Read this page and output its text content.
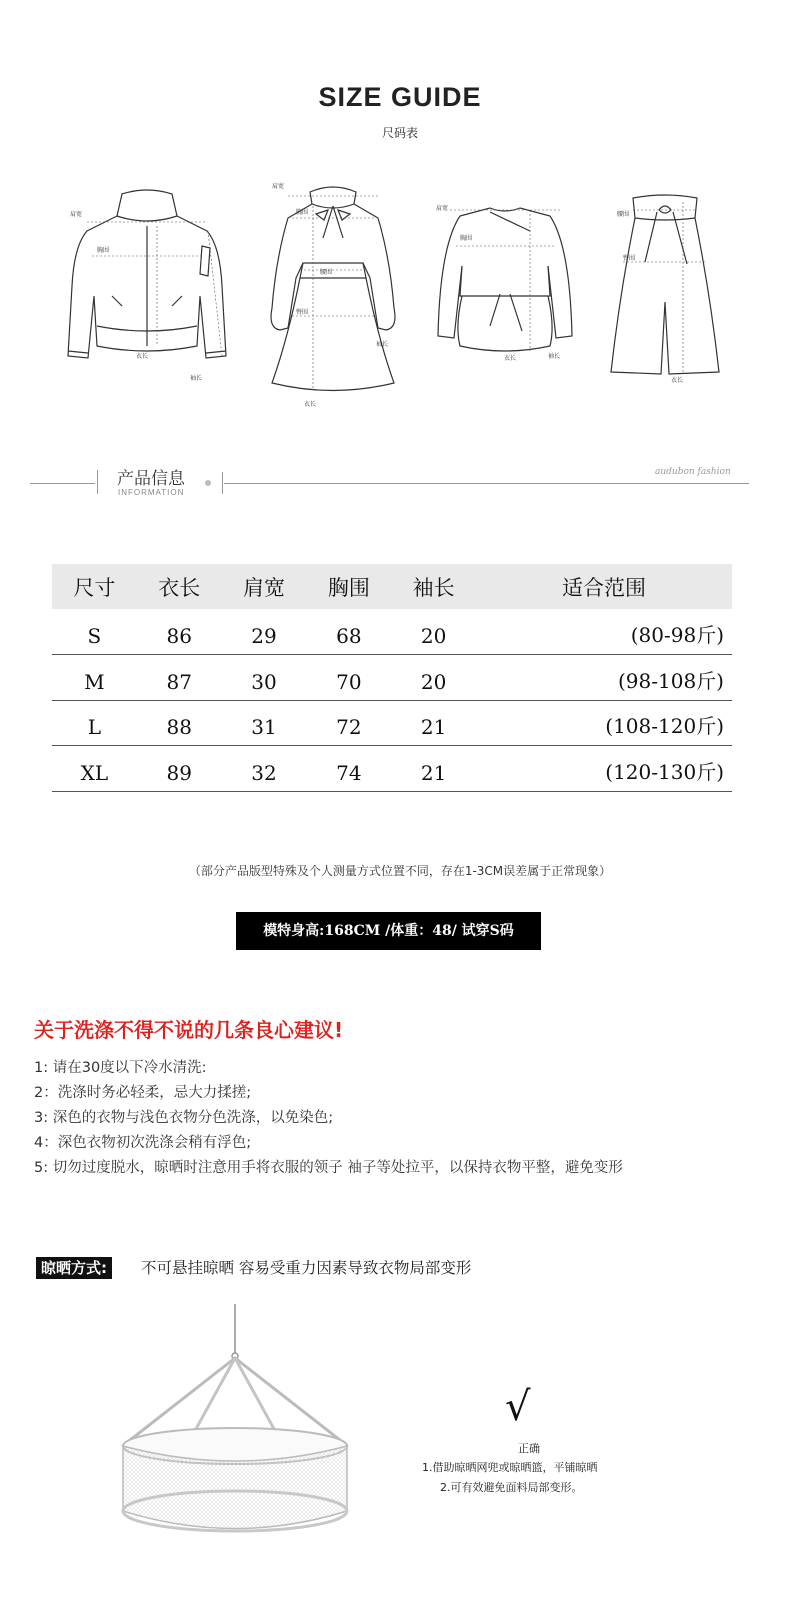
SIZE GUIDE
尺码表
肩宽
胸围
衣长
袖长
肩宽
胸围
腰围
臀围
袖长
衣长
肩宽
胸围
衣长	袖长
腰围
臀围
衣长
产品信息
INFORMATION
audubon fashion
尺寸	衣长	肩宽	胸围	袖长	适合范围
S	86	29	68	20	(80-98斤)
M	87	30	70	20	(98-108斤)
L	88	31	72	21	(108-120斤)
XL	89	32	74	21	(120-130斤)
（部分产品版型特殊及个人测量方式位置不同，存在1-3CM误差属于正常现象）
模特身高:168CM /体重：48/ 试穿S码
关于洗涤不得不说的几条良心建议!
1: 请在30度以下冷水清洗:
2：洗涤时务必轻柔，忌大力揉搓;
3: 深色的衣物与浅色衣物分色洗涤，以免染色;
4：深色衣物初次洗涤会稍有浮色;
5: 切勿过度脱水，晾晒时注意用手将衣服的领子 袖子等处拉平，以保持衣物平整，避免变形
晾晒方式:	不可悬挂晾晒 容易受重力因素导致衣物局部变形
√
正确
1.借助晾晒网兜或晾晒篮，平铺晾晒
2.可有效避免面料局部变形。
